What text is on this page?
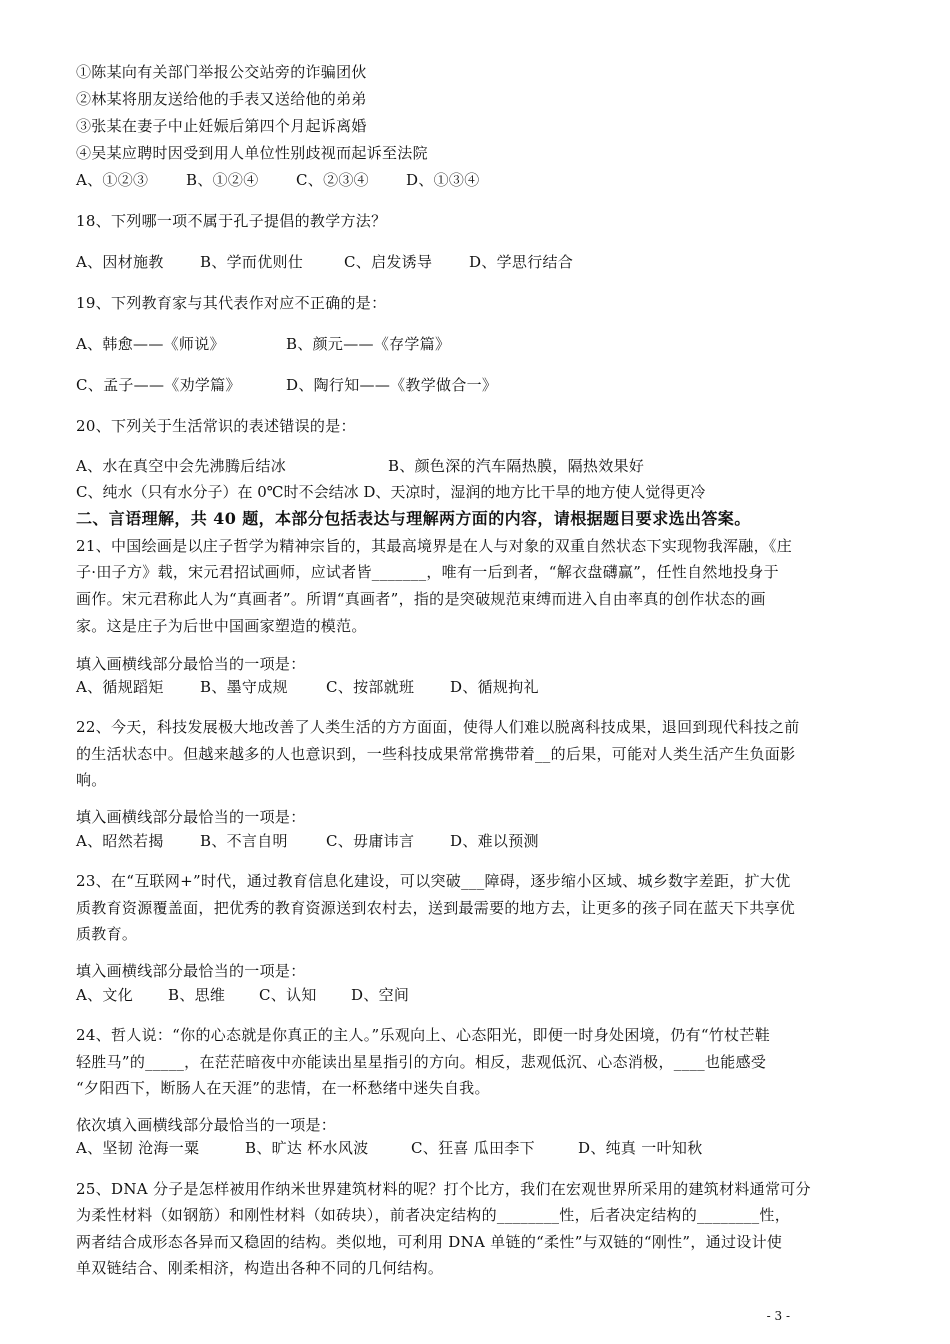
①陈某向有关部门举报公交站旁的诈骗团伙
②林某将朋友送给他的手表又送给他的弟弟
③张某在妻子中止妊娠后第四个月起诉离婚
④吴某应聘时因受到用人单位性别歧视而起诉至法院
A、①②③	B、①②④ C、②③④ D、①③④
18、下列哪一项不属于孔子提倡的教学方法？
A、因材施教 B、学而优则仕	C、启发诱导 D、学思行结合
19、下列教育家与其代表作对应不正确的是：
A、韩愈——《师说》	B、颜元——《存学篇》
C、孟子——《劝学篇》	D、陶行知——《教学做合一》
20、下列关于生活常识的表述错误的是：
A、水在真空中会先沸腾后结冰	B、颜色深的汽车隔热膜，隔热效果好
C、纯水（只有水分子）在 0℃时不会结冰 D、天凉时，湿润的地方比干旱的地方使人觉得更冷
二、言语理解，共 40 题，本部分包括表达与理解两方面的内容，请根据题目要求选出答案。
21、中国绘画是以庄子哲学为精神宗旨的，其最高境界是在人与对象的双重自然状态下实现物我浑融，《庄
子·田子方》载，宋元君招试画师，应试者皆_______，唯有一后到者，“解衣盘礴赢”，任性自然地投身于
画作。宋元君称此人为“真画者”。所谓“真画者”，指的是突破规范束缚而进入自由率真的创作状态的画
家。这是庄子为后世中国画家塑造的模范。
填入画横线部分最恰当的一项是：
A、循规蹈矩 B、墨守成规	C、按部就班 D、循规拘礼
22、今天，科技发展极大地改善了人类生活的方方面面，使得人们难以脱离科技成果，退回到现代科技之前
的生活状态中。但越来越多的人也意识到，一些科技成果常常携带着__的后果，可能对人类生活产生负面影
响。
填入画横线部分最恰当的一项是：
A、昭然若揭 B、不言自明	C、毋庸讳言 D、难以预测
23、在“互联网+”时代，通过教育信息化建设，可以突破___障碍，逐步缩小区域、城乡数字差距，扩大优
质教育资源覆盖面，把优秀的教育资源送到农村去，送到最需要的地方去，让更多的孩子同在蓝天下共享优
质教育。
填入画横线部分最恰当的一项是：
A、文化 B、思维 C、认知 D、空间
24、哲人说：“你的心态就是你真正的主人。”乐观向上、心态阳光，即便一时身处困境，仍有“竹杖芒鞋
轻胜马”的_____，在茫茫暗夜中亦能读出星星指引的方向。相反，悲观低沉、心态消极，____也能感受
“夕阳西下，断肠人在天涯”的悲情，在一杯愁绪中迷失自我。
依次填入画横线部分最恰当的一项是：
A、坚韧 沧海一粟	B、旷达 杯水风波	C、狂喜 瓜田李下	D、纯真 一叶知秋
25、DNA 分子是怎样被用作纳米世界建筑材料的呢？打个比方，我们在宏观世界所采用的建筑材料通常可分
为柔性材料（如钢筋）和刚性材料（如砖块），前者决定结构的________性，后者决定结构的________性，
两者结合成形态各异而又稳固的结构。类似地，可利用 DNA 单链的“柔性”与双链的“刚性”，通过设计使
单双链结合、刚柔相济，构造出各种不同的几何结构。
- 3 -
